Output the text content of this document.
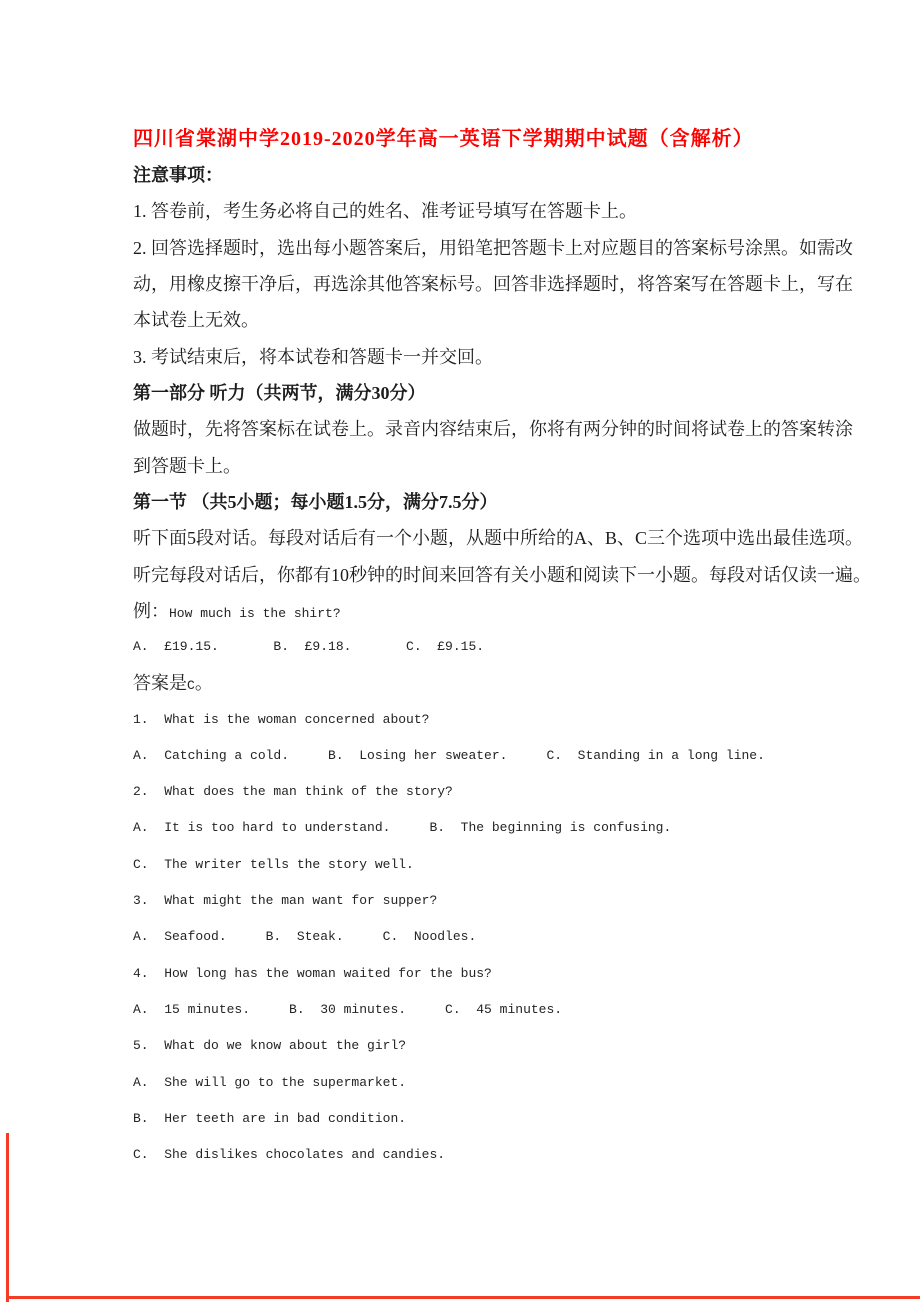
四川省棠湖中学2019-2020学年高一英语下学期期中试题（含解析）
注意事项：
1. 答卷前，考生务必将自己的姓名、准考证号填写在答题卡上。
2. 回答选择题时，选出每小题答案后，用铅笔把答题卡上对应题目的答案标号涂黑。如需改
动，用橡皮擦干净后，再选涂其他答案标号。回答非选择题时，将答案写在答题卡上，写在
本试卷上无效。
3. 考试结束后，将本试卷和答题卡一并交回。
第一部分 听力（共两节，满分30分）
做题时，先将答案标在试卷上。录音内容结束后，你将有两分钟的时间将试卷上的答案转涂
到答题卡上。
第一节 （共5小题；每小题1.5分，满分7.5分）
听下面5段对话。每段对话后有一个小题，从题中所给的A、B、C三个选项中选出最佳选项。
听完每段对话后，你都有10秒钟的时间来回答有关小题和阅读下一小题。每段对话仅读一遍。
例：How much is the shirt?
A.  £19.15.       B.  £9.18.       C.  £9.15.
答案是C。
1.  What is the woman concerned about?
A.  Catching a cold.     B.  Losing her sweater.     C.  Standing in a long line.
2.  What does the man think of the story?
A.  It is too hard to understand.     B.  The beginning is confusing.
C.  The writer tells the story well.
3.  What might the man want for supper?
A.  Seafood.     B.  Steak.     C.  Noodles.
4.  How long has the woman waited for the bus?
A.  15 minutes.     B.  30 minutes.     C.  45 minutes.
5.  What do we know about the girl?
A.  She will go to the supermarket.
B.  Her teeth are in bad condition.
C.  She dislikes chocolates and candies.
